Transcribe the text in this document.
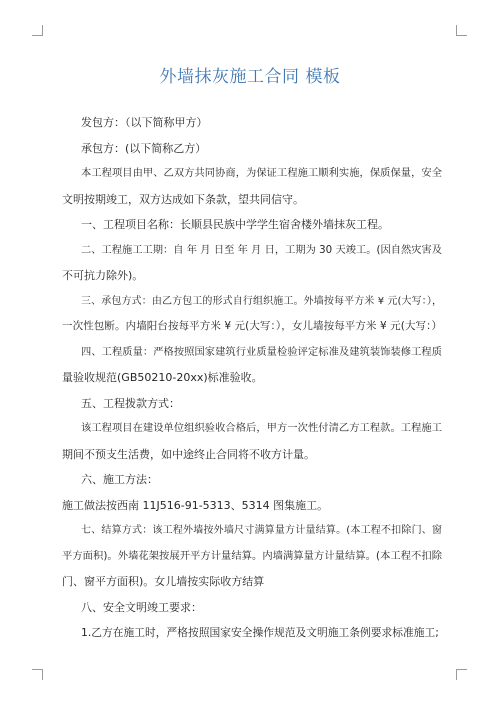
外墙抹灰施工合同 模板
发包方：（以下简称甲方）
承包方：(以下简称乙方）
本工程项目由甲、乙双方共同协商，为保证工程施工顺利实施，保质保量，安全
文明按期竣工，双方达成如下条款，望共同信守。
一、工程项目名称：长顺县民族中学学生宿舍楼外墙抹灰工程。
二、工程施工工期：自 年 月 日至 年 月 日，工期为 30 天竣工。(因自然灾害及
不可抗力除外)。
三、承包方式：由乙方包工的形式自行组织施工。外墙按每平方米 ¥ 元(大写：），
一次性包断。内墙阳台按每平方米 ¥ 元(大写：），女儿墙按每平方米 ¥ 元(大写：）
四、工程质量：严格按照国家建筑行业质量检验评定标准及建筑装饰装修工程质
量验收规范(GB50210-20xx)标准验收。
五、工程拨款方式：
该工程项目在建设单位组织验收合格后，甲方一次性付清乙方工程款。工程施工
期间不预支生活费，如中途终止合同将不收方计量。
六、施工方法：
施工做法按西南 11J516-91-5313、5314 图集施工。
七、结算方式：该工程外墙按外墙尺寸满算量方计量结算。(本工程不扣除门、窗
平方面积)。外墙花架按展开平方计量结算。内墙满算量方计量结算。(本工程不扣除
门、窗平方面积)。女儿墙按实际收方结算
八、安全文明竣工要求：
1.乙方在施工时，严格按照国家安全操作规范及文明施工条例要求标准施工;
